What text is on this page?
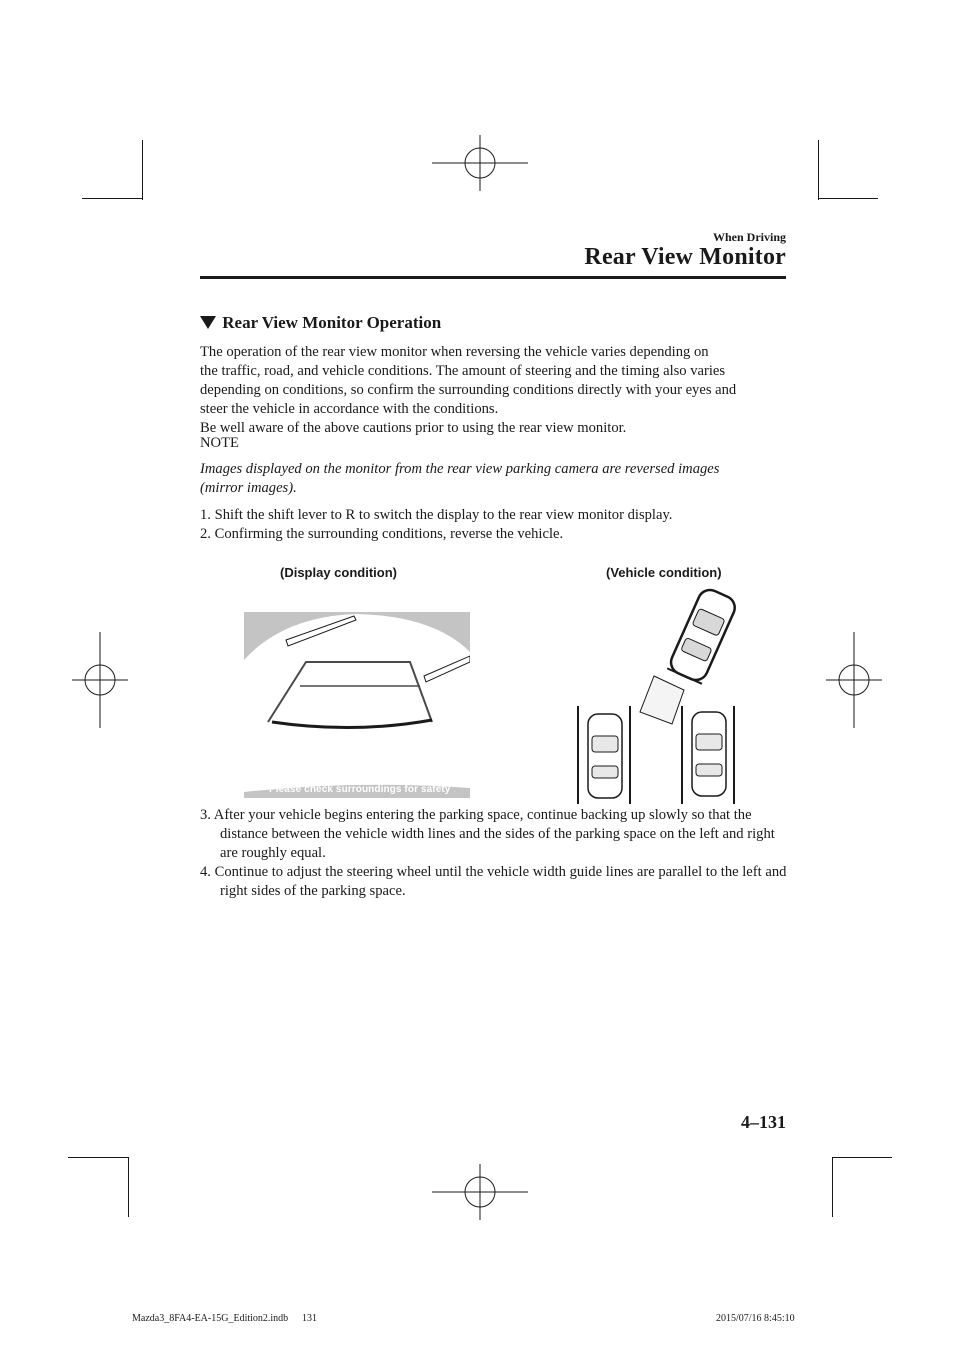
When Driving
Rear View Monitor
Rear View Monitor Operation
The operation of the rear view monitor when reversing the vehicle varies depending on
the traffic, road, and vehicle conditions. The amount of steering and the timing also varies
depending on conditions, so confirm the surrounding conditions directly with your eyes and
steer the vehicle in accordance with the conditions.
Be well aware of the above cautions prior to using the rear view monitor.
NOTE
Images displayed on the monitor from the rear view parking camera are reversed images
(mirror images).
1. Shift the shift lever to R to switch the display to the rear view monitor display.
2. Confirming the surrounding conditions, reverse the vehicle.
(Display condition)	(Vehicle condition)
Please check surroundings for safety
3. After your vehicle begins entering the parking space, continue backing up slowly so that the distance between the vehicle width lines and the sides of the parking space on the left and right are roughly equal.
4. Continue to adjust the steering wheel until the vehicle width guide lines are parallel to the left and right sides of the parking space.
4–131
Mazda3_8FA4-EA-15G_Edition2.indb 131	2015/07/16 8:45:10
